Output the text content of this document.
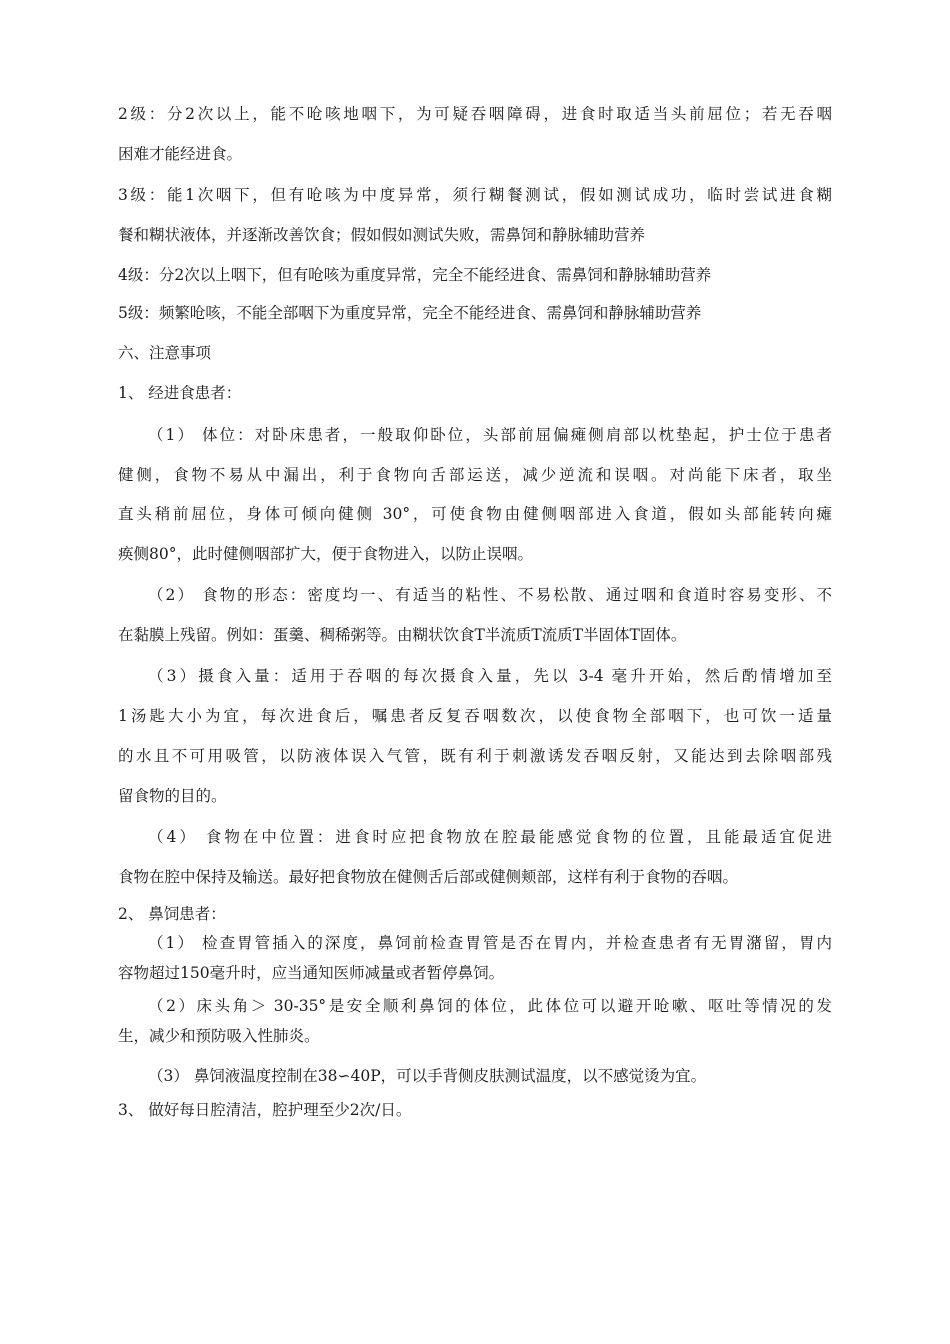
2级：分2次以上，能不呛咳地咽下，为可疑吞咽障碍，进食时取适当头前屈位；若无吞咽
困难才能经进食。
3级：能1次咽下，但有呛咳为中度异常，须行糊餐测试，假如测试成功，临时尝试进食糊
餐和糊状液体，并逐渐改善饮食；假如假如测试失败，需鼻饲和静脉辅助营养
4级：分2次以上咽下，但有呛咳为重度异常，完全不能经进食、需鼻饲和静脉辅助营养
5级：频繁呛咳，不能全部咽下为重度异常，完全不能经进食、需鼻饲和静脉辅助营养
六、注意事项
1、 经进食患者：
（1） 体位：对卧床患者，一般取仰卧位，头部前屈偏瘫侧肩部以枕垫起，护士位于患者
健侧，食物不易从中漏出，利于食物向舌部运送，减少逆流和误咽。对尚能下床者，取坐
直头稍前屈位，身体可倾向健侧 30°，可使食物由健侧咽部进入食道，假如头部能转向瘫
痪侧80°，此时健侧咽部扩大，便于食物进入，以防止误咽。
（2） 食物的形态：密度均一、有适当的粘性、不易松散、通过咽和食道时容易变形、不
在黏膜上残留。例如：蛋羹、稠稀粥等。由糊状饮食T半流质T流质T半固体T固体。
（3）摄食入量：适用于吞咽的每次摄食入量，先以 3-4 毫升开始，然后酌情增加至
1汤匙大小为宜，每次进食后，嘱患者反复吞咽数次，以使食物全部咽下，也可饮一适量
的水且不可用吸管，以防液体误入气管，既有利于刺激诱发吞咽反射，又能达到去除咽部残
留食物的目的。
（4） 食物在中位置：进食时应把食物放在腔最能感觉食物的位置，且能最适宜促进
食物在腔中保持及输送。最好把食物放在健侧舌后部或健侧颊部，这样有利于食物的吞咽。
2、 鼻饲患者：
（1） 检查胃管插入的深度，鼻饲前检查胃管是否在胃内，并检查患者有无胃潴留，胃内
容物超过150毫升时，应当通知医师减量或者暂停鼻饲。
（2）床头角＞ 30-35°是安全顺利鼻饲的体位，此体位可以避开呛嗽、呕吐等情况的发
生，减少和预防吸入性肺炎。
（3） 鼻饲液温度控制在38∽40P，可以手背侧皮肤测试温度，以不感觉烫为宜。
3、 做好每日腔清洁，腔护理至少2次/日。
